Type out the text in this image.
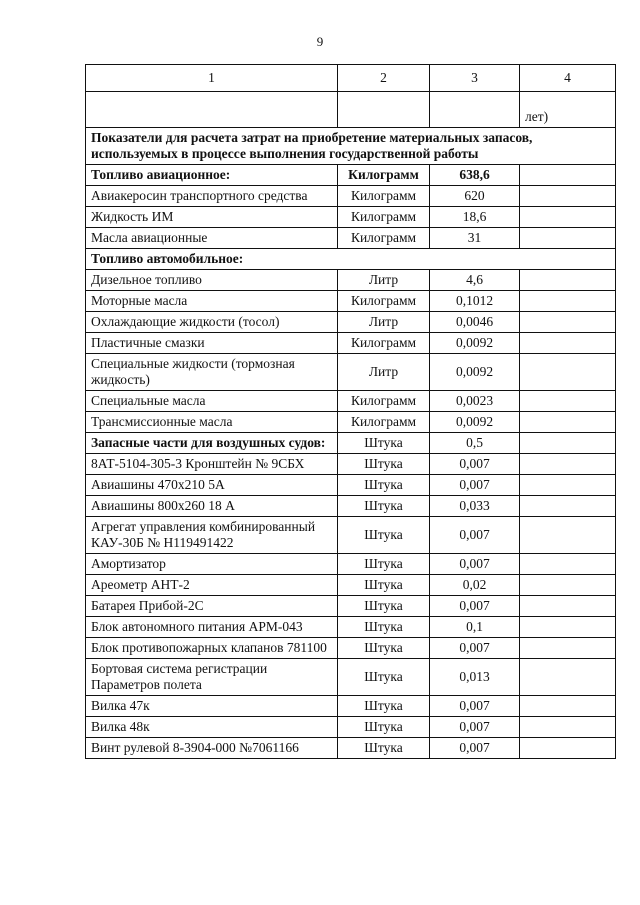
9
1	2	3	4
			лет)
Показатели для расчета затрат на приобретение материальных запасов, используемых в процессе выполнения государственной работы			
Топливо авиационное:	Килограмм	638,6	
Авиакеросин транспортного средства	Килограмм	620	
Жидкость ИМ	Килограмм	18,6	
Масла авиационные	Килограмм	31	
Топливо автомобильное:			
Дизельное топливо	Литр	4,6	
Моторные масла	Килограмм	0,1012	
Охлаждающие жидкости (тосол)	Литр	0,0046	
Пластичные смазки	Килограмм	0,0092	
Специальные жидкости (тормозная жидкость)	Литр	0,0092	
Специальные масла	Килограмм	0,0023	
Трансмиссионные масла	Килограмм	0,0092	
Запасные части для воздушных судов:	Штука	0,5	
8АТ-5104-305-3 Кронштейн № 9СБХ	Штука	0,007	
Авиашины 470x210 5А	Штука	0,007	
Авиашины 800x260 18 А	Штука	0,033	
Агрегат управления комбинированный КАУ-30Б № Н119491422	Штука	0,007	
Амортизатор	Штука	0,007	
Ареометр АНТ-2	Штука	0,02	
Батарея Прибой-2С	Штука	0,007	
Блок автономного питания АРМ-043	Штука	0,1	
Блок противопожарных клапанов 781100	Штука	0,007	
Бортовая система регистрации Параметров полета	Штука	0,013	
Вилка 47к	Штука	0,007	
Вилка 48к	Штука	0,007	
Винт рулевой 8-3904-000 №7061166	Штука	0,007	
